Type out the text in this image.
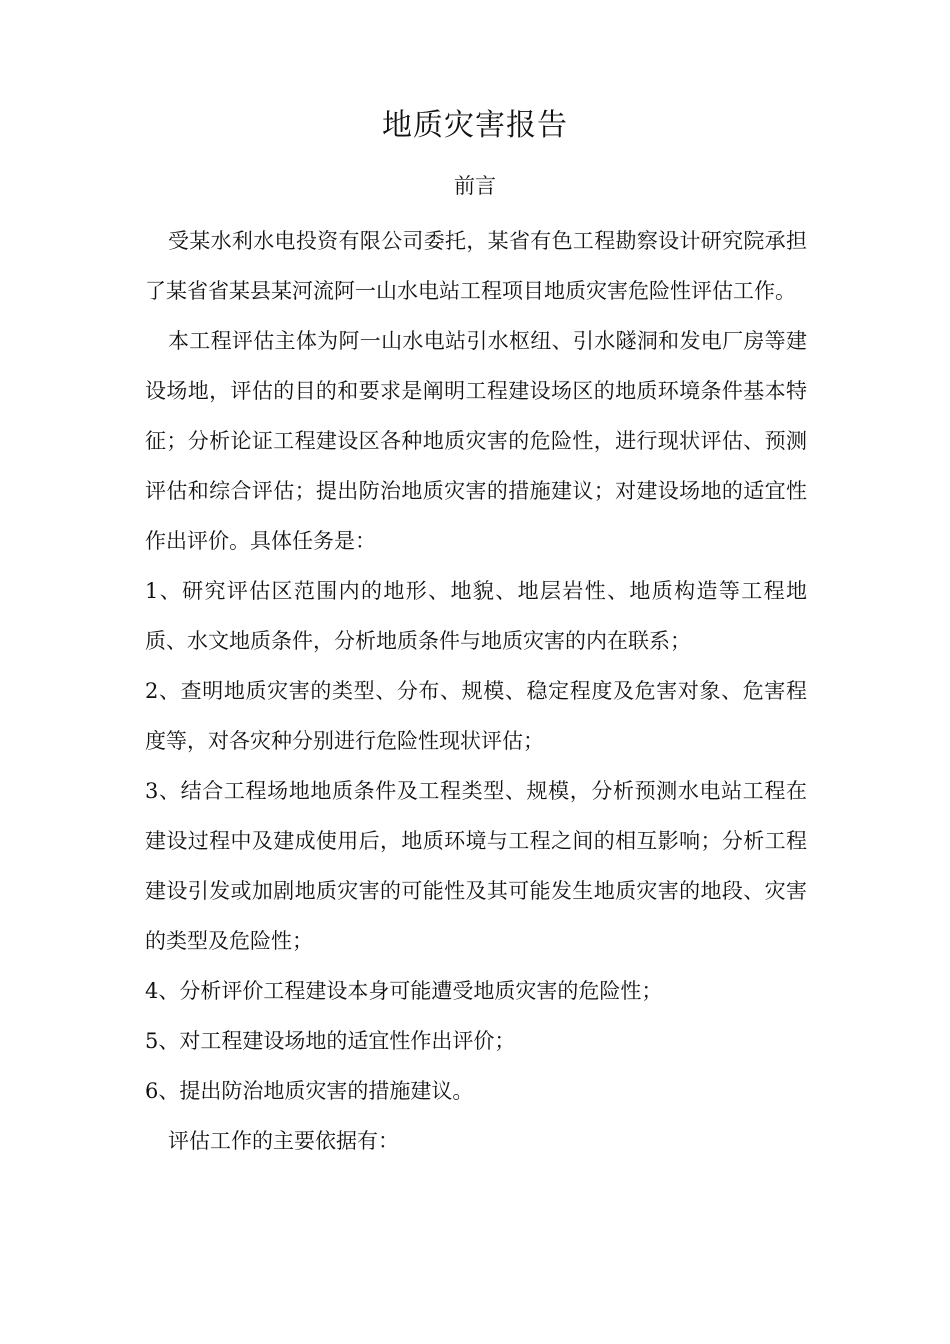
地质灾害报告
前言

受某水利水电投资有限公司委托，某省有色工程勘察设计研究院承担了某省省某县某河流阿一山水电站工程项目地质灾害危险性评估工作。

本工程评估主体为阿一山水电站引水枢纽、引水隧洞和发电厂房等建设场地，评估的目的和要求是阐明工程建设场区的地质环境条件基本特征；分析论证工程建设区各种地质灾害的危险性，进行现状评估、预测评估和综合评估；提出防治地质灾害的措施建议；对建设场地的适宜性作出评价。具体任务是：

1、研究评估区范围内的地形、地貌、地层岩性、地质构造等工程地质、水文地质条件，分析地质条件与地质灾害的内在联系；

2、查明地质灾害的类型、分布、规模、稳定程度及危害对象、危害程度等，对各灾种分别进行危险性现状评估；

3、结合工程场地地质条件及工程类型、规模，分析预测水电站工程在建设过程中及建成使用后，地质环境与工程之间的相互影响；分析工程建设引发或加剧地质灾害的可能性及其可能发生地质灾害的地段、灾害的类型及危险性；

4、分析评价工程建设本身可能遭受地质灾害的危险性；

5、对工程建设场地的适宜性作出评价；

6、提出防治地质灾害的措施建议。

评估工作的主要依据有：
